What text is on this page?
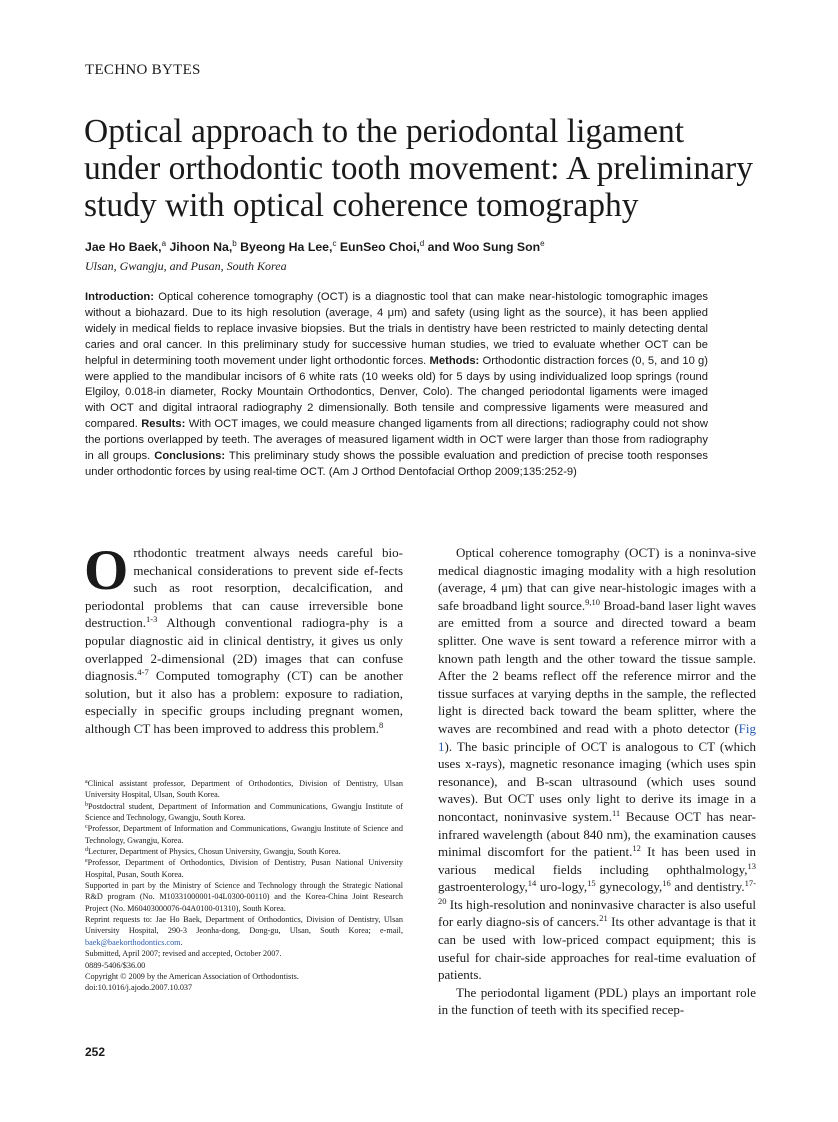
TECHNO BYTES
Optical approach to the periodontal ligament
under orthodontic tooth movement: A preliminary
study with optical coherence tomography
Jae Ho Baek,$^a$ Jihoon Na,$^b$ Byeong Ha Lee,$^c$ EunSeo Choi,$^d$ and Woo Sung Son$^e$
Ulsan, Gwangju, and Pusan, South Korea

Introduction: Optical coherence tomography (OCT) is a diagnostic tool that can make near-histologic tomographic images without a biohazard. Due to its high resolution (average, 4 μm) and safety (using light as the source), it has been applied widely in medical fields to replace invasive biopsies. But the trials in dentistry have been restricted to mainly detecting dental caries and oral cancer. In this preliminary study for successive human studies, we tried to evaluate whether OCT can be helpful in determining tooth movement under light orthodontic forces. Methods: Orthodontic distraction forces (0, 5, and 10 g) were applied to the mandibular incisors of 6 white rats (10 weeks old) for 5 days by using individualized loop springs (round Elgiloy, 0.018-in diameter, Rocky Mountain Orthodontics, Denver, Colo). The changed periodontal ligaments were imaged with OCT and digital intraoral radiography 2 dimensionally. Both tensile and compressive ligaments were measured and compared. Results: With OCT images, we could measure changed ligaments from all directions; radiography could not show the portions overlapped by teeth. The averages of measured ligament width in OCT were larger than those from radiography in all groups. Conclusions: This preliminary study shows the possible evaluation and prediction of precise tooth responses under orthodontic forces by using real-time OCT. (Am J Orthod Dentofacial Orthop 2009;135:252-9)

Orthodontic treatment always needs careful bio-mechanical considerations to prevent side ef-fects such as root resorption, decalcification, and periodontal problems that can cause irreversible bone destruction.$^{1-3}$ Although conventional radiogra-phy is a popular diagnostic aid in clinical dentistry, it gives us only overlapped 2-dimensional (2D) images that can confuse diagnosis.$^{4-7}$ Computed tomography (CT) can be another solution, but it also has a problem: exposure to radiation, especially in specific groups including pregnant women, although CT has been improved to address this problem.$^8$

$^a$Clinical assistant professor, Department of Orthodontics, Division of Dentistry, Ulsan University Hospital, Ulsan, South Korea.
$^b$Postdoctral student, Department of Information and Communications, Gwangju Institute of Science and Technology, Gwangju, South Korea.
$^c$Professor, Department of Information and Communications, Gwangju Institute of Science and Technology, Gwangju, Korea.
$^d$Lecturer, Department of Physics, Chosun University, Gwangju, South Korea.
$^e$Professor, Department of Orthodontics, Division of Dentistry, Pusan National University Hospital, Pusan, South Korea.
Supported in part by the Ministry of Science and Technology through the Strategic National R&D program (No. M10331000001-04L0300-00110) and the Korea-China Joint Research Project (No. M60403000076-04A0100-01310), South Korea.
Reprint requests to: Jae Ho Baek, Department of Orthodontics, Division of Dentistry, Ulsan University Hospital, 290-3 Jeonha-dong, Dong-gu, Ulsan, South Korea; e-mail, baek@baekorthodontics.com.
Submitted, April 2007; revised and accepted, October 2007.
0889-5406/$36.00
Copyright © 2009 by the American Association of Orthodontists.
doi:10.1016/j.ajodo.2007.10.037

Optical coherence tomography (OCT) is a noninva-sive medical diagnostic imaging modality with a high resolution (average, 4 μm) that can give near-histologic images with a safe broadband light source.$^{9,10}$ Broad-band laser light waves are emitted from a source and directed toward a beam splitter. One wave is sent toward a reference mirror with a known path length and the other toward the tissue sample. After the 2 beams reflect off the reference mirror and the tissue surfaces at varying depths in the sample, the reflected light is directed back toward the beam splitter, where the waves are recombined and read with a photo detector (Fig 1). The basic principle of OCT is analogous to CT (which uses x-rays), magnetic resonance imaging (which uses spin resonance), and B-scan ultrasound (which uses sound waves). But OCT uses only light to derive its image in a noncontact, noninvasive system.$^{11}$ Because OCT has near-infrared wavelength (about 840 nm), the examination causes minimal discomfort for the patient.$^{12}$ It has been used in various medical fields including ophthalmology,$^{13}$ gastroenterology,$^{14}$ uro-logy,$^{15}$ gynecology,$^{16}$ and dentistry.$^{17-20}$ Its high-resolution and noninvasive character is also useful for early diagno-sis of cancers.$^{21}$ Its other advantage is that it can be used with low-priced compact equipment; this is useful for chair-side approaches for real-time evaluation of patients.

The periodontal ligament (PDL) plays an important role in the function of teeth with its specified recep-

252
